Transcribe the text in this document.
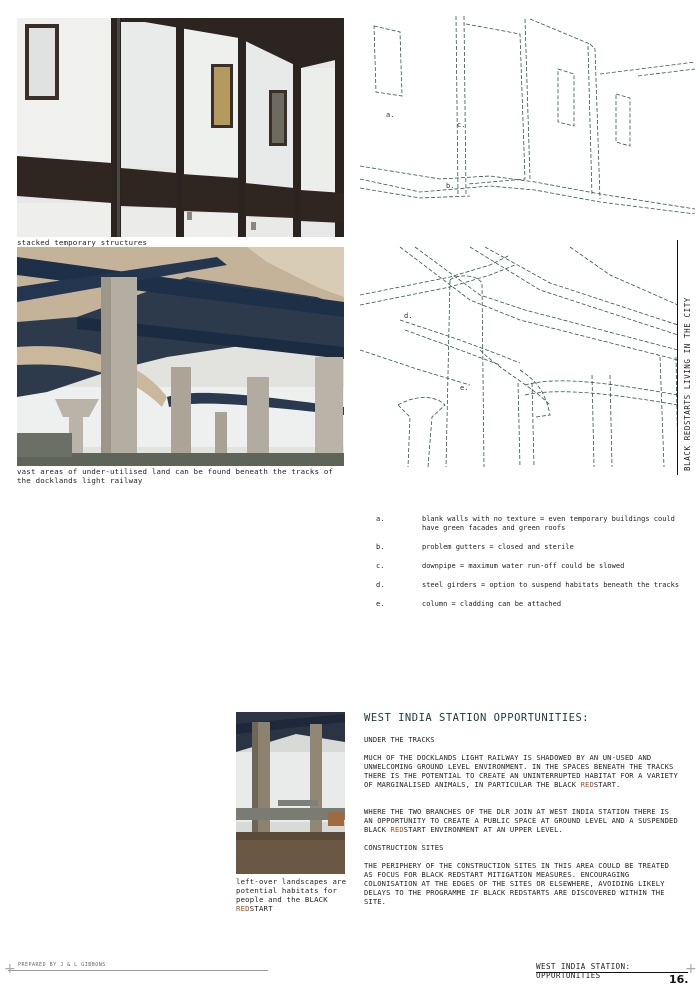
stacked temporary structures
vast areas of under-utilised land can be found beneath the tracks of the docklands light railway
a.
c.
b.
d.
e.	BLACK REDSTARTS LIVING IN THE CITY
a.	blank walls with no texture = even temporary buildings could have green facades and green roofs
b.	problem gutters = closed and sterile
c.	downpipe = maximum water run-off could be slowed
d.	steel girders = option to suspend habitats beneath the tracks
e.	column = cladding can be attached
left-over landscapes are potential habitats for people and the BLACK REDSTART
WEST INDIA STATION OPPORTUNITIES:
UNDER THE TRACKS
MUCH OF THE DOCKLANDS LIGHT RAILWAY IS SHADOWED BY AN UN-USED AND UNWELCOMING GROUND LEVEL ENVIRONMENT. IN THE SPACES BENEATH THE TRACKS THERE IS THE POTENTIAL TO CREATE AN UNINTERRUPTED HABITAT FOR A VARIETY OF MARGINALISED ANIMALS, IN PARTICULAR THE BLACK REDSTART.
WHERE THE TWO BRANCHES OF THE DLR JOIN AT WEST INDIA STATION THERE IS AN OPPORTUNITY TO CREATE A PUBLIC SPACE AT GROUND LEVEL AND A SUSPENDED BLACK REDSTART ENVIRONMENT AT AN UPPER LEVEL.
CONSTRUCTION SITES
THE PERIPHERY OF THE CONSTRUCTION SITES IN THIS AREA COULD BE TREATED AS FOCUS FOR BLACK REDSTART MITIGATION MEASURES. ENCOURAGING COLONISATION AT THE EDGES OF THE SITES OR ELSEWHERE, AVOIDING LIKELY DELAYS TO THE PROGRAMME IF BLACK REDSTARTS ARE DISCOVERED WITHIN THE SITE.
+	+
PREPARED BY J & L GIBBONS	WEST INDIA STATION: OPPORTUNITIES	16.
